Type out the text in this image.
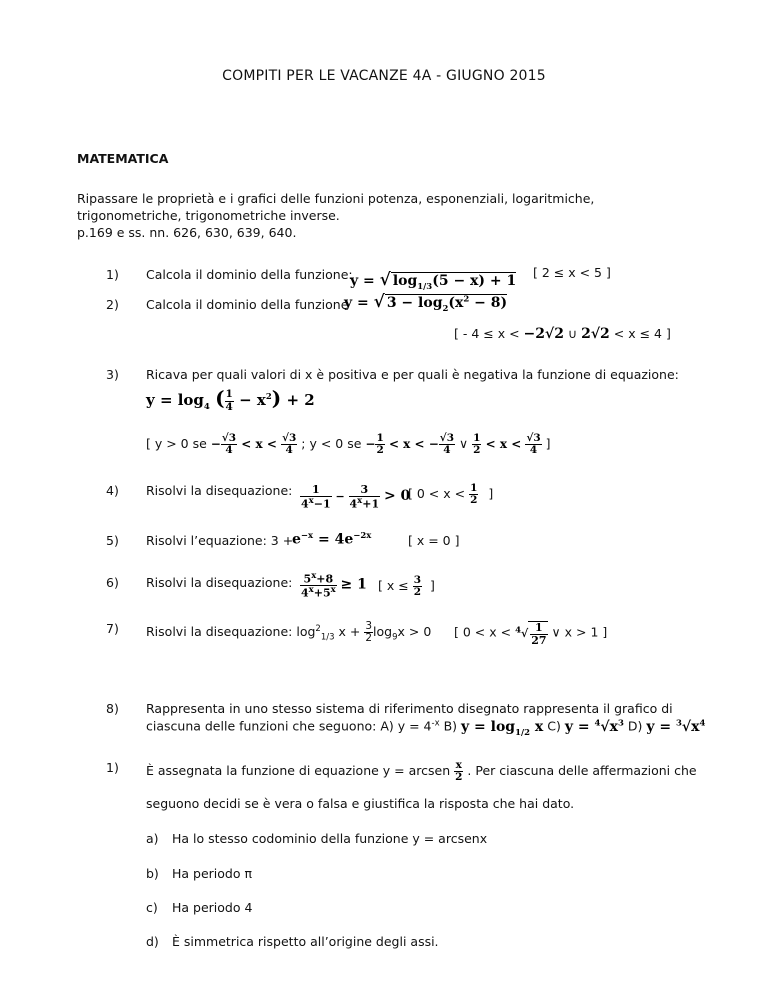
COMPITI PER LE VACANZE 4A - GIUGNO 2015
MATEMATICA
Ripassare le proprietà e i grafici delle funzioni potenza, esponenziali, logaritmiche,
trigonometriche, trigonometriche inverse.
p.169 e ss. nn. 626, 630, 639, 640.
1) Calcola il dominio della funzione:
y = √ $\log_{1/3}(5 - x) + 1$
[ 2 ≤ x < 5 ]
2) Calcola il dominio della funzione
y = √ $3 - \log_2(x^2 - 8)$
[ - 4 ≤ x < −2√2 ∪ 2√2 < x ≤ 4 ]
3) Ricava per quali valori di x è positiva e per quali è negativa la funzione di equazione:
$y = \log_4$ ( $\frac{1}{4} - x^2) + 2$
[ y > 0 se − $\frac{√3}{4} < x < \frac{√3}{4}$ ; y < 0 se − $\frac{1}{2} < x$ < − $\frac{√3}{4}$ ∨ $\frac{1}{2} < x < \frac{√3}{4}$ ]
4) Risolvi la disequazione: $\frac{1}{4^x-1} - \frac{3}{4^x+1} > 0$
[ $0 < x < \frac{1}{2}$ ]
5) Risolvi l’equazione: 3 +
$e^{-x} = 4e^{-2x}$	[ x = 0 ]
6) Risolvi la disequazione: $\frac{5^x+8}{4^x+5^x} \ge 1$ [ $x \le \frac{3}{2}$ ]
7) Risolvi la disequazione: $\log^2_{1/3} x + \frac{3}{2} \log_9x > 0$ [ $0 < x < ^4√ \frac{1}{27}$ ∨ x > 1 ]
8) Rappresenta in uno stesso sistema di riferimento disegnato rappresenta il grafico di
ciascuna delle funzioni che seguono: A) $y = 4^{-x}$ B) $y = \log_{1/2} x$ C) $y = ^4√x^3$ D) $y = ^3√x^4$
1) È assegnata la funzione di equazione y = arcsen $\frac{x}{2}$ . Per ciascuna delle affermazioni che
seguono decidi se è vera o falsa e giustifica la risposta che hai dato.
a) Ha lo stesso codominio della funzione y = arcsenx
b) Ha periodo π
c) Ha periodo 4
d) È simmetrica rispetto all’origine degli assi.
